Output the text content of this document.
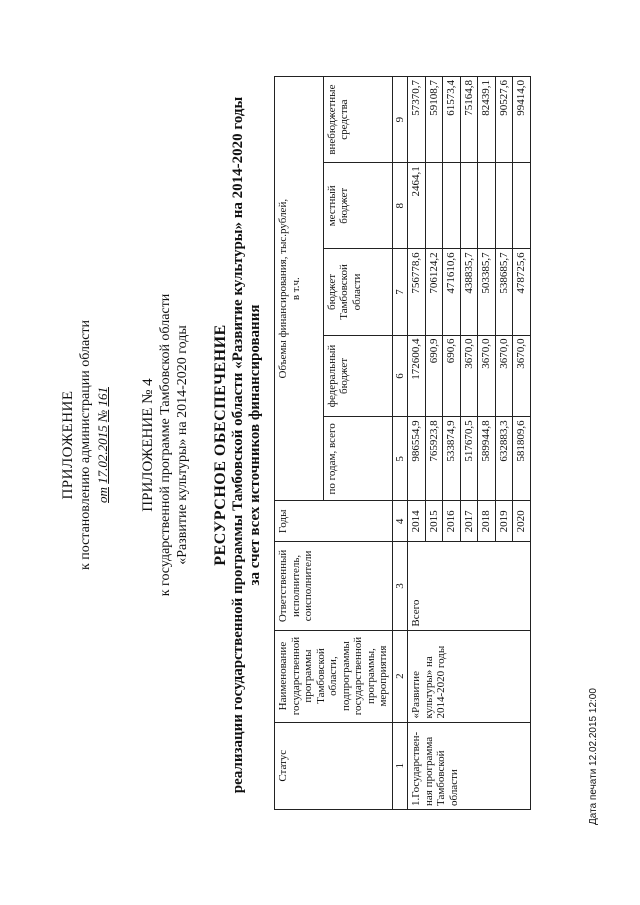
ПРИЛОЖЕНИЕ к постановлению администрации области от 17.02.2015 № 161 ПРИЛОЖЕНИЕ № 4 к государственной программе Тамбовской области «Развитие культуры» на 2014-2020 годы РЕСУРСНОЕ ОБЕСПЕЧЕНИЕ реализации государственной программы Тамбовской области «Развитие культуры» на 2014-2020 годы за счет всех источников финансирования
Статус	Наименование государственной программы Тамбовской области, подпрограммы государственной программы, мероприятия	Ответственный исполнитель, соисполнители	Годы	Объемы финансирования, тыс.рублей,
в т.ч.				
				по годам, всего	федеральный бюджет	бюджет Тамбовской области	местный бюджет	внебюджетные средства
1	2	3	4	5	6	7	8	9
1.Государствен-ная программа Тамбовской области	«Развитие культуры» на 2014-2020 годы	Всего	2014	986554,9	172600,4	756778,6	2464,1	57370,7
			2015	765923,8	690,9	706124,2		59108,7
			2016	533874,9	690,6	471610,6		61573,4
			2017	517670,5	3670,0	438835,7		75164,8
			2018	589944,8	3670,0	503385,7		82439,1
			2019	632883,3	3670,0	538685,7		90527,6
			2020	581809,6	3670,0	478725,6		99414,0
Дата печати 12.02.2015 12:00
